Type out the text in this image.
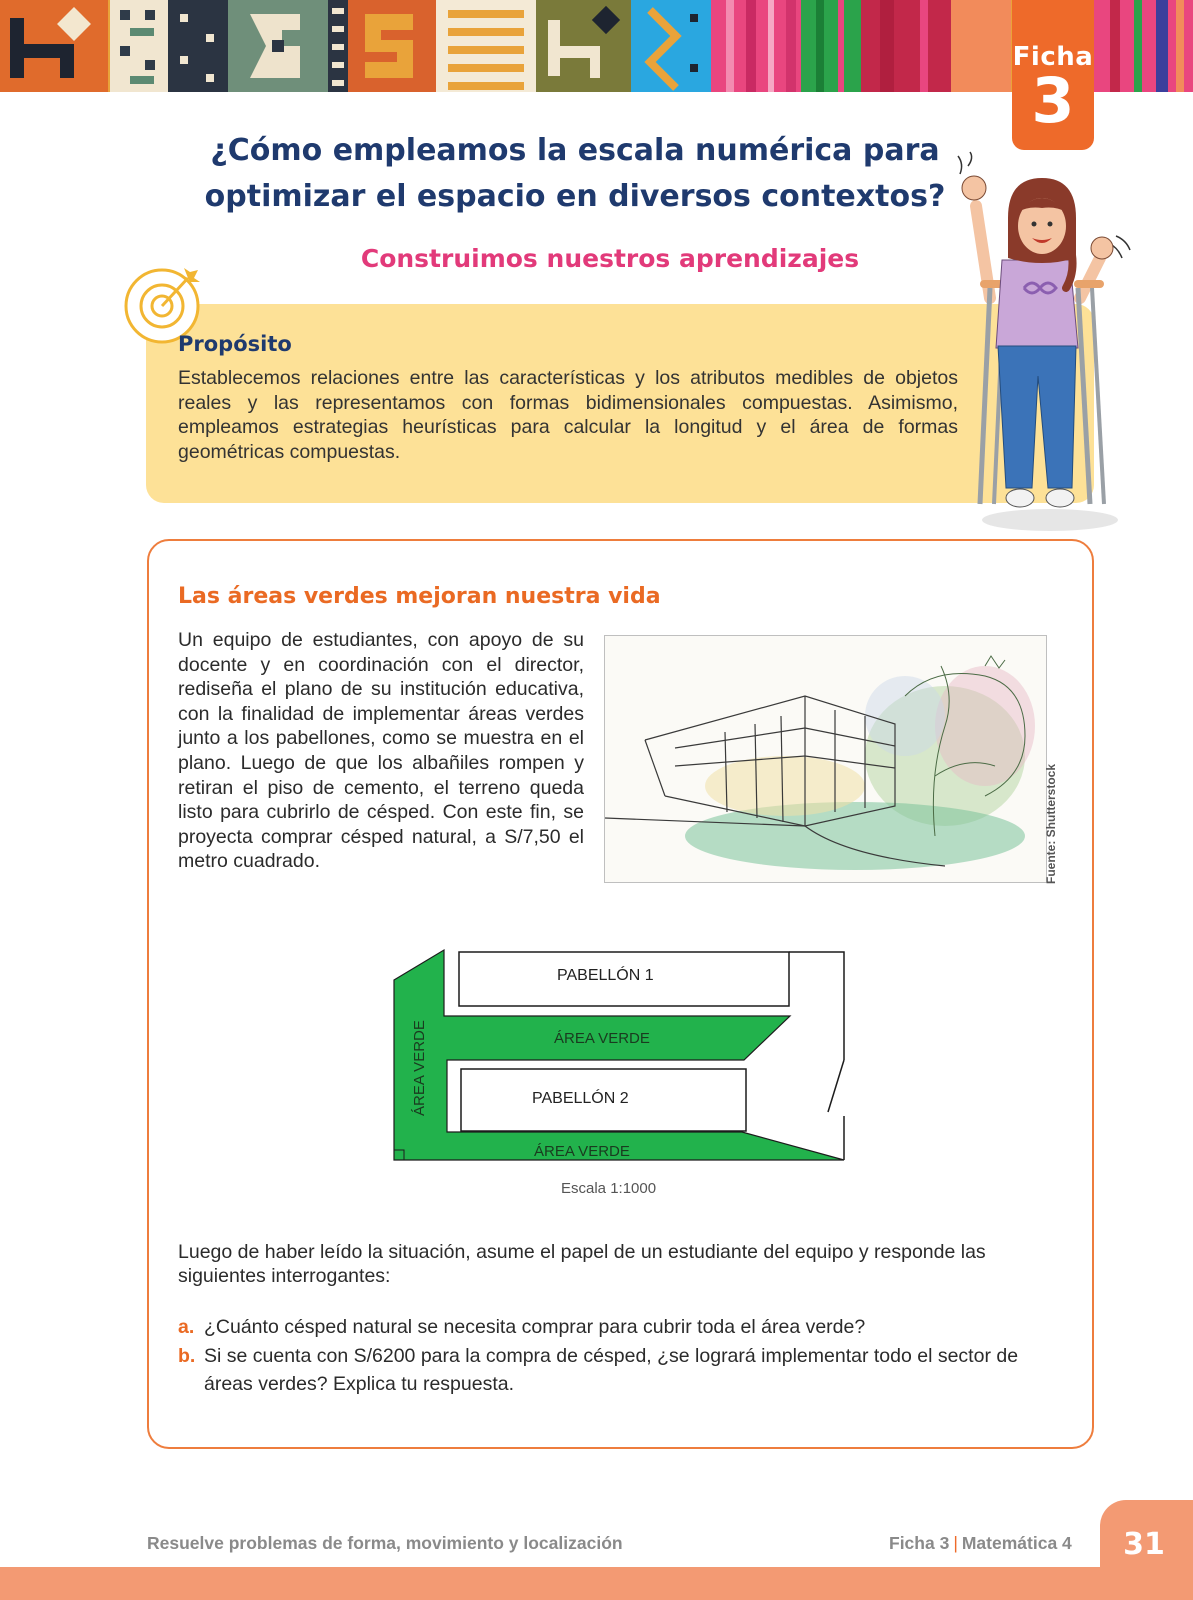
Ficha
3
¿Cómo empleamos la escala numérica para
optimizar el espacio en diversos contextos?
Construimos nuestros aprendizajes
Propósito

Establecemos relaciones entre las características y los atributos medibles de objetos reales y las representamos con formas bidimensionales compuestas. Asimismo, empleamos estrategias heurísticas para calcular la longitud y el área de formas geométricas compuestas.

Las áreas verdes mejoran nuestra vida

Un equipo de estudiantes, con apoyo de su docente y en coordinación con el director, rediseña el plano de su institución educativa, con la finalidad de implementar áreas verdes junto a los pabellones, como se muestra en el plano. Luego de que los albañiles rompen y retiran el piso de cemento, el terreno queda listo para cubrirlo de césped. Con este fin, se proyecta comprar césped natural, a S/7,50 el metro cuadrado.	Fuente: Shutterstock
PABELLÓN 1
ÁREA VERDE
PABELLÓN 2
ÁREA VERDE
ÁREA VERDE
Escala 1:1000

Luego de haber leído la situación, asume el papel de un estudiante del equipo y responde las siguientes interrogantes:

a. ¿Cuánto césped natural se necesita comprar para cubrir toda el área verde?
b. Si se cuenta con S/6200 para la compra de césped, ¿se logrará implementar todo el sector de áreas verdes? Explica tu respuesta.
Resuelve problemas de forma, movimiento y localización	Ficha 3 | Matemática 4	31
